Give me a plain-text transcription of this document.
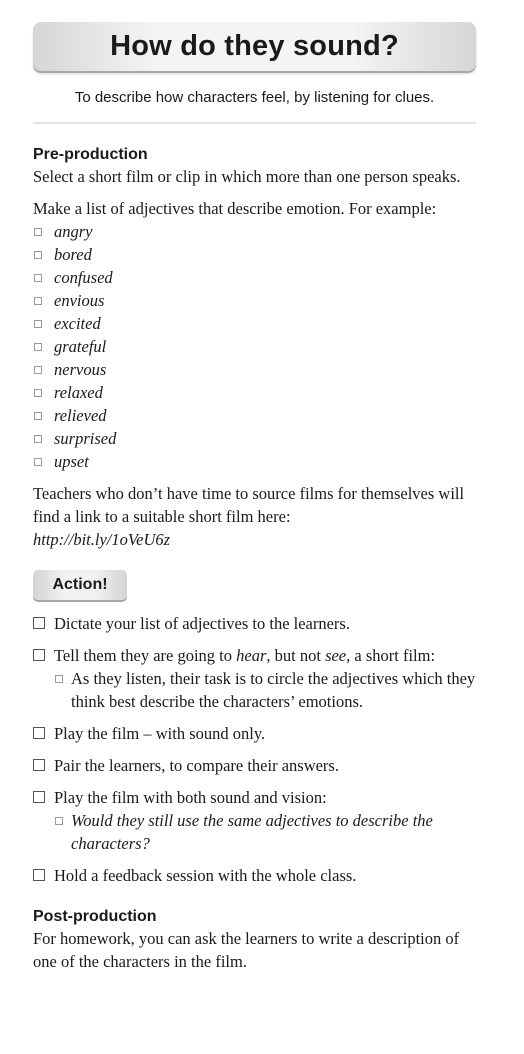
How do they sound?
To describe how characters feel, by listening for clues.
Pre-production

Select a short film or clip in which more than one person speaks.

Make a list of adjectives that describe emotion. For example:

angry
bored
confused
envious
excited
grateful
nervous
relaxed
relieved
surprised
upset

Teachers who don’t have time to source films for themselves will find a link to a suitable short film here:
http://bit.ly/1oVeU6z

Action!
Dictate your list of adjectives to the learners.
Tell them they are going to hear, but not see, a short film:
As they listen, their task is to circle the adjectives which they think best describe the characters’ emotions.
Play the film – with sound only.
Pair the learners, to compare their answers.
Play the film with both sound and vision:
Would they still use the same adjectives to describe the characters?
Hold a feedback session with the whole class.
Post-production

For homework, you can ask the learners to write a description of one of the characters in the film.
